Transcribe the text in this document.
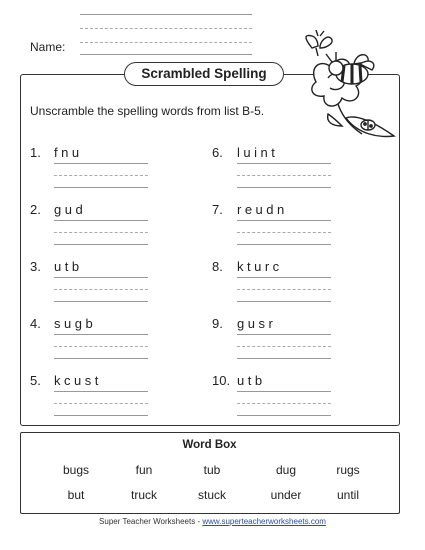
Name:
Scrambled Spelling
Unscramble the spelling words from list B-5.
1. fnu
2. gud
3. utb
4. sugb
5. kcust
6. luint
7. reudn
8. kturc
9. gusr
10. utb
Word Box
bugs	fun	tub	dug	rugs
but	truck	stuck	under	until
Super Teacher Worksheets - www.superteacherworksheets.com
